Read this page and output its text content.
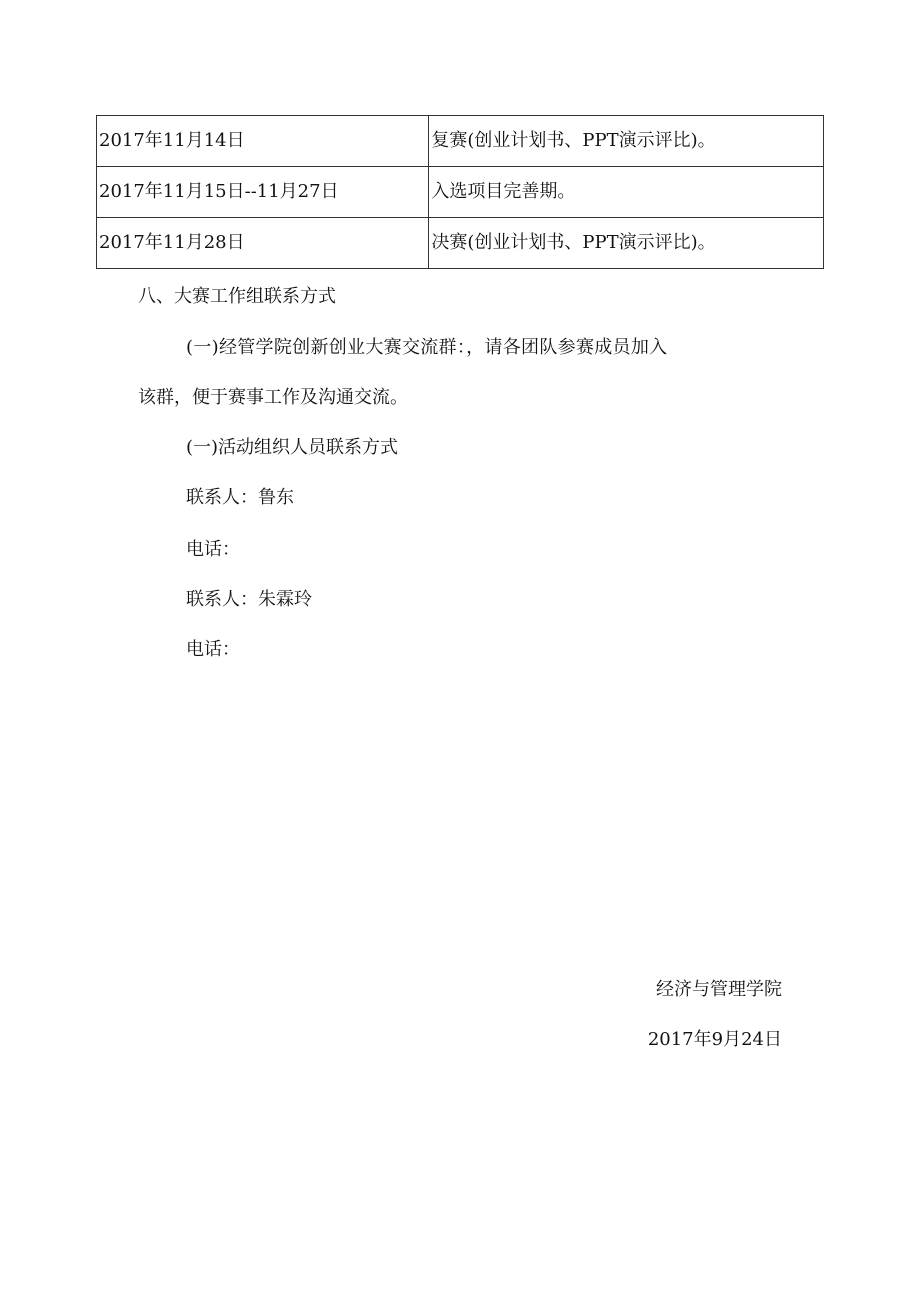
2017年11月14日	复赛(创业计划书、PPT演示评比)。
2017年11月15日--11月27日	入选项目完善期。
2017年11月28日	决赛(创业计划书、PPT演示评比)。
八、大赛工作组联系方式
(一)经管学院创新创业大赛交流群：，请各团队参赛成员加入
该群，便于赛事工作及沟通交流。
(一)活动组织人员联系方式
联系人：鲁东
电话：
联系人：朱霖玲
电话：
经济与管理学院
2017年9月24日
